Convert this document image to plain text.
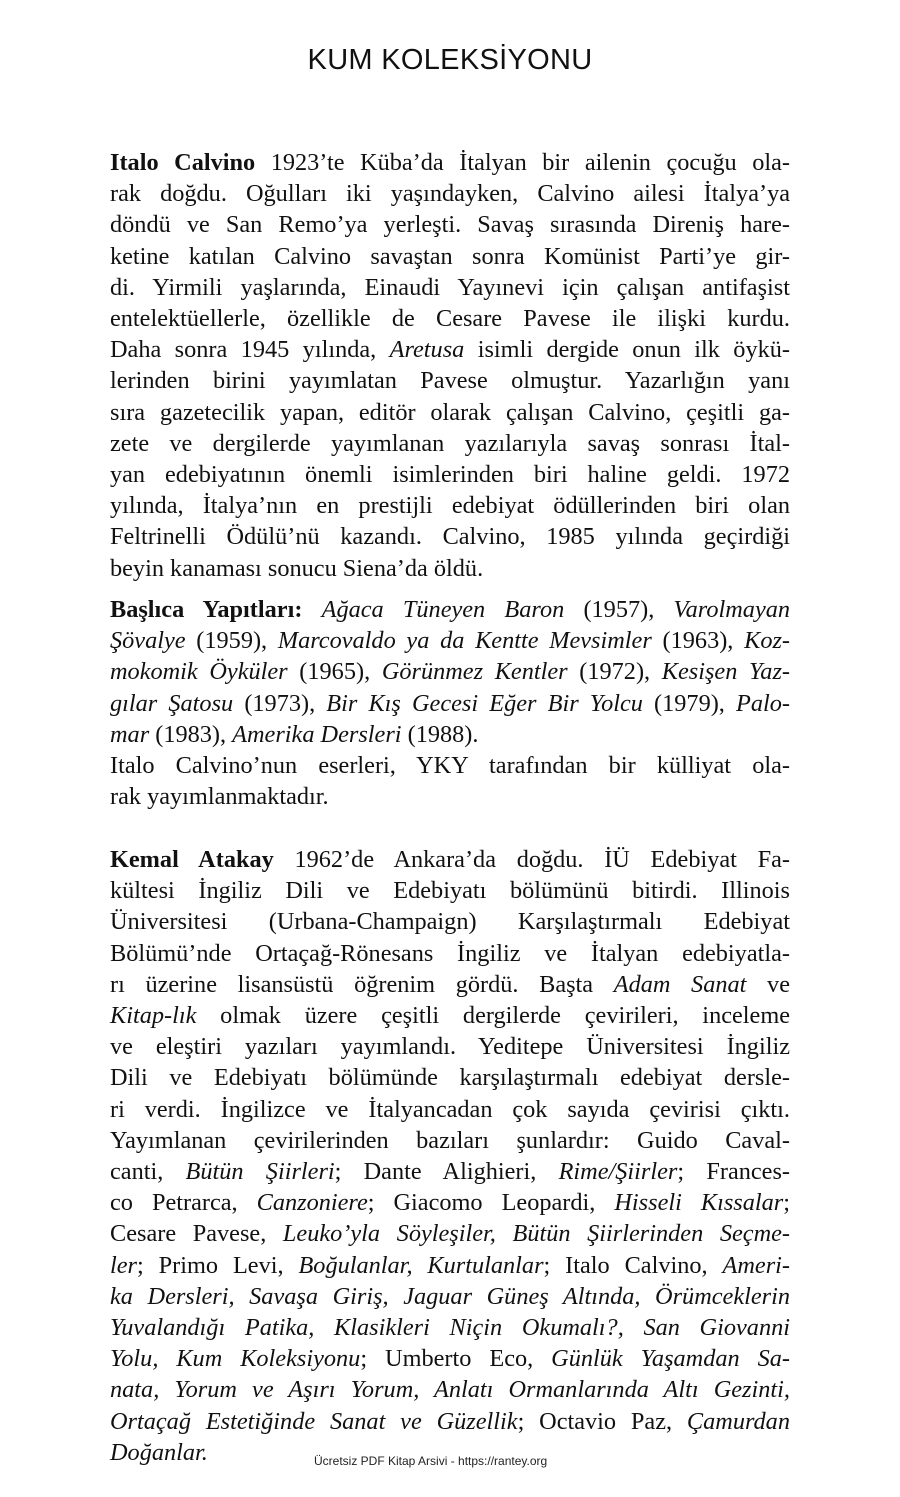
KUM KOLEKSİYONU
Italo Calvino 1923’te Küba’da İtalyan bir ailenin çocuğu ola-
rak doğdu. Oğulları iki yaşındayken, Calvino ailesi İtalya’ya
döndü ve San Remo’ya yerleşti. Savaş sırasında Direniş hare-
ketine katılan Calvino savaştan sonra Komünist Parti’ye gir-
di. Yirmili yaşlarında, Einaudi Yayınevi için çalışan antifaşist
entelektüellerle, özellikle de Cesare Pavese ile ilişki kurdu.
Daha sonra 1945 yılında, Aretusa isimli dergide onun ilk öykü-
lerinden birini yayımlatan Pavese olmuştur. Yazarlığın yanı
sıra gazetecilik yapan, editör olarak çalışan Calvino, çeşitli ga-
zete ve dergilerde yayımlanan yazılarıyla savaş sonrası İtal-
yan edebiyatının önemli isimlerinden biri haline geldi. 1972
yılında, İtalya’nın en prestijli edebiyat ödüllerinden biri olan
Feltrinelli Ödülü’nü kazandı. Calvino, 1985 yılında geçirdiği
beyin kanaması sonucu Siena’da öldü.
Başlıca Yapıtları: Ağaca Tüneyen Baron (1957), Varolmayan
Şövalye (1959), Marcovaldo ya da Kentte Mevsimler (1963), Koz-
mokomik Öyküler (1965), Görünmez Kentler (1972), Kesişen Yaz-
gılar Şatosu (1973), Bir Kış Gecesi Eğer Bir Yolcu (1979), Palo-
mar (1983), Amerika Dersleri (1988).
Italo Calvino’nun eserleri, YKY tarafından bir külliyat ola-
rak yayımlanmaktadır.
Kemal Atakay 1962’de Ankara’da doğdu. İÜ Edebiyat Fa-
kültesi İngiliz Dili ve Edebiyatı bölümünü bitirdi. Illinois
Üniversitesi (Urbana-Champaign) Karşılaştırmalı Edebiyat
Bölümü’nde Ortaçağ-Rönesans İngiliz ve İtalyan edebiyatla-
rı üzerine lisansüstü öğrenim gördü. Başta Adam Sanat ve
Kitap-lık olmak üzere çeşitli dergilerde çevirileri, inceleme
ve eleştiri yazıları yayımlandı. Yeditepe Üniversitesi İngiliz
Dili ve Edebiyatı bölümünde karşılaştırmalı edebiyat dersle-
ri verdi. İngilizce ve İtalyancadan çok sayıda çevirisi çıktı.
Yayımlanan çevirilerinden bazıları şunlardır: Guido Caval-
canti, Bütün Şiirleri; Dante Alighieri, Rime/Şiirler; Frances-
co Petrarca, Canzoniere; Giacomo Leopardi, Hisseli Kıssalar;
Cesare Pavese, Leuko’yla Söyleşiler, Bütün Şiirlerinden Seçme-
ler; Primo Levi, Boğulanlar, Kurtulanlar; Italo Calvino, Ameri-
ka Dersleri, Savaşa Giriş, Jaguar Güneş Altında, Örümceklerin
Yuvalandığı Patika, Klasikleri Niçin Okumalı?, San Giovanni
Yolu, Kum Koleksiyonu; Umberto Eco, Günlük Yaşamdan Sa-
nata, Yorum ve Aşırı Yorum, Anlatı Ormanlarında Altı Gezinti,
Ortaçağ Estetiğinde Sanat ve Güzellik; Octavio Paz, Çamurdan
Doğanlar.	Ücretsiz PDF Kitap Arsivi - https://rantey.org
